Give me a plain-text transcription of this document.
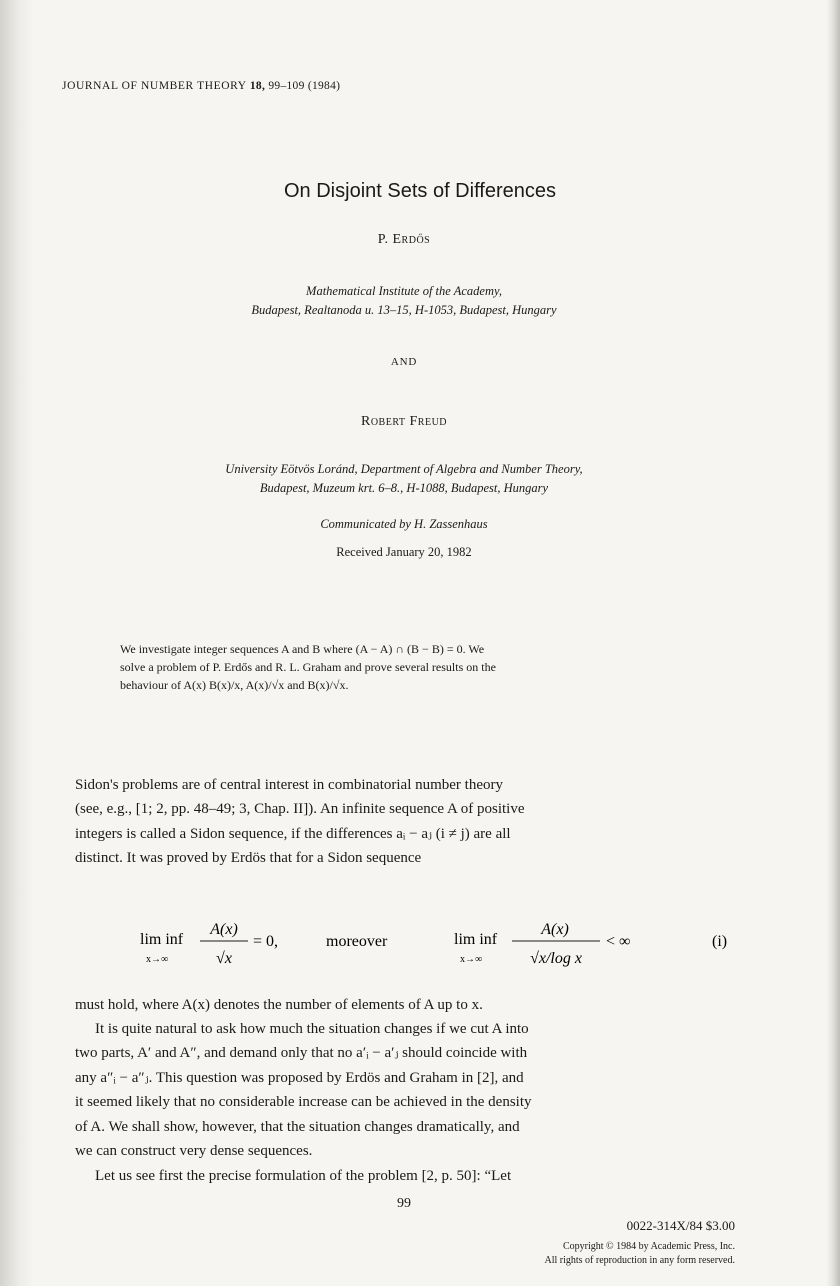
JOURNAL OF NUMBER THEORY 18, 99–109 (1984)
On Disjoint Sets of Differences
P. Erdős
Mathematical Institute of the Academy,
Budapest, Realtanoda u. 13–15, H-1053, Budapest, Hungary
AND
Robert Freud
University Eötvös Loránd, Department of Algebra and Number Theory,
Budapest, Muzeum krt. 6–8., H-1088, Budapest, Hungary
Communicated by H. Zassenhaus
Received January 20, 1982
We investigate integer sequences A and B where (A − A) ∩ (B − B) = 0. We
solve a problem of P. Erdős and R. L. Graham and prove several results on the
behaviour of A(x) B(x)/x, A(x)/√x and B(x)/√x.

Sidon's problems are of central interest in combinatorial number theory

(see, e.g., [1; 2, pp. 48–49; 3, Chap. II]). An infinite sequence A of positive

integers is called a Sidon sequence, if the differences aᵢ − aⱼ (i ≠ j) are all

distinct. It was proved by Erdös that for a Sidon sequence

lim inf
x→∞
A(x)
√x
= 0,	moreover	lim inf
x→∞
A(x)
√x/log x
< ∞	(i)

must hold, where A(x) denotes the number of elements of A up to x.

It is quite natural to ask how much the situation changes if we cut A into

two parts, A′ and A″, and demand only that no a′ᵢ − a′ⱼ should coincide with

any a″ᵢ − a″ⱼ. This question was proposed by Erdös and Graham in [2], and

it seemed likely that no considerable increase can be achieved in the density

of A. We shall show, however, that the situation changes dramatically, and

we can construct very dense sequences.

Let us see first the precise formulation of the problem [2, p. 50]: “Let

99
0022-314X/84 $3.00
Copyright © 1984 by Academic Press, Inc.
All rights of reproduction in any form reserved.
